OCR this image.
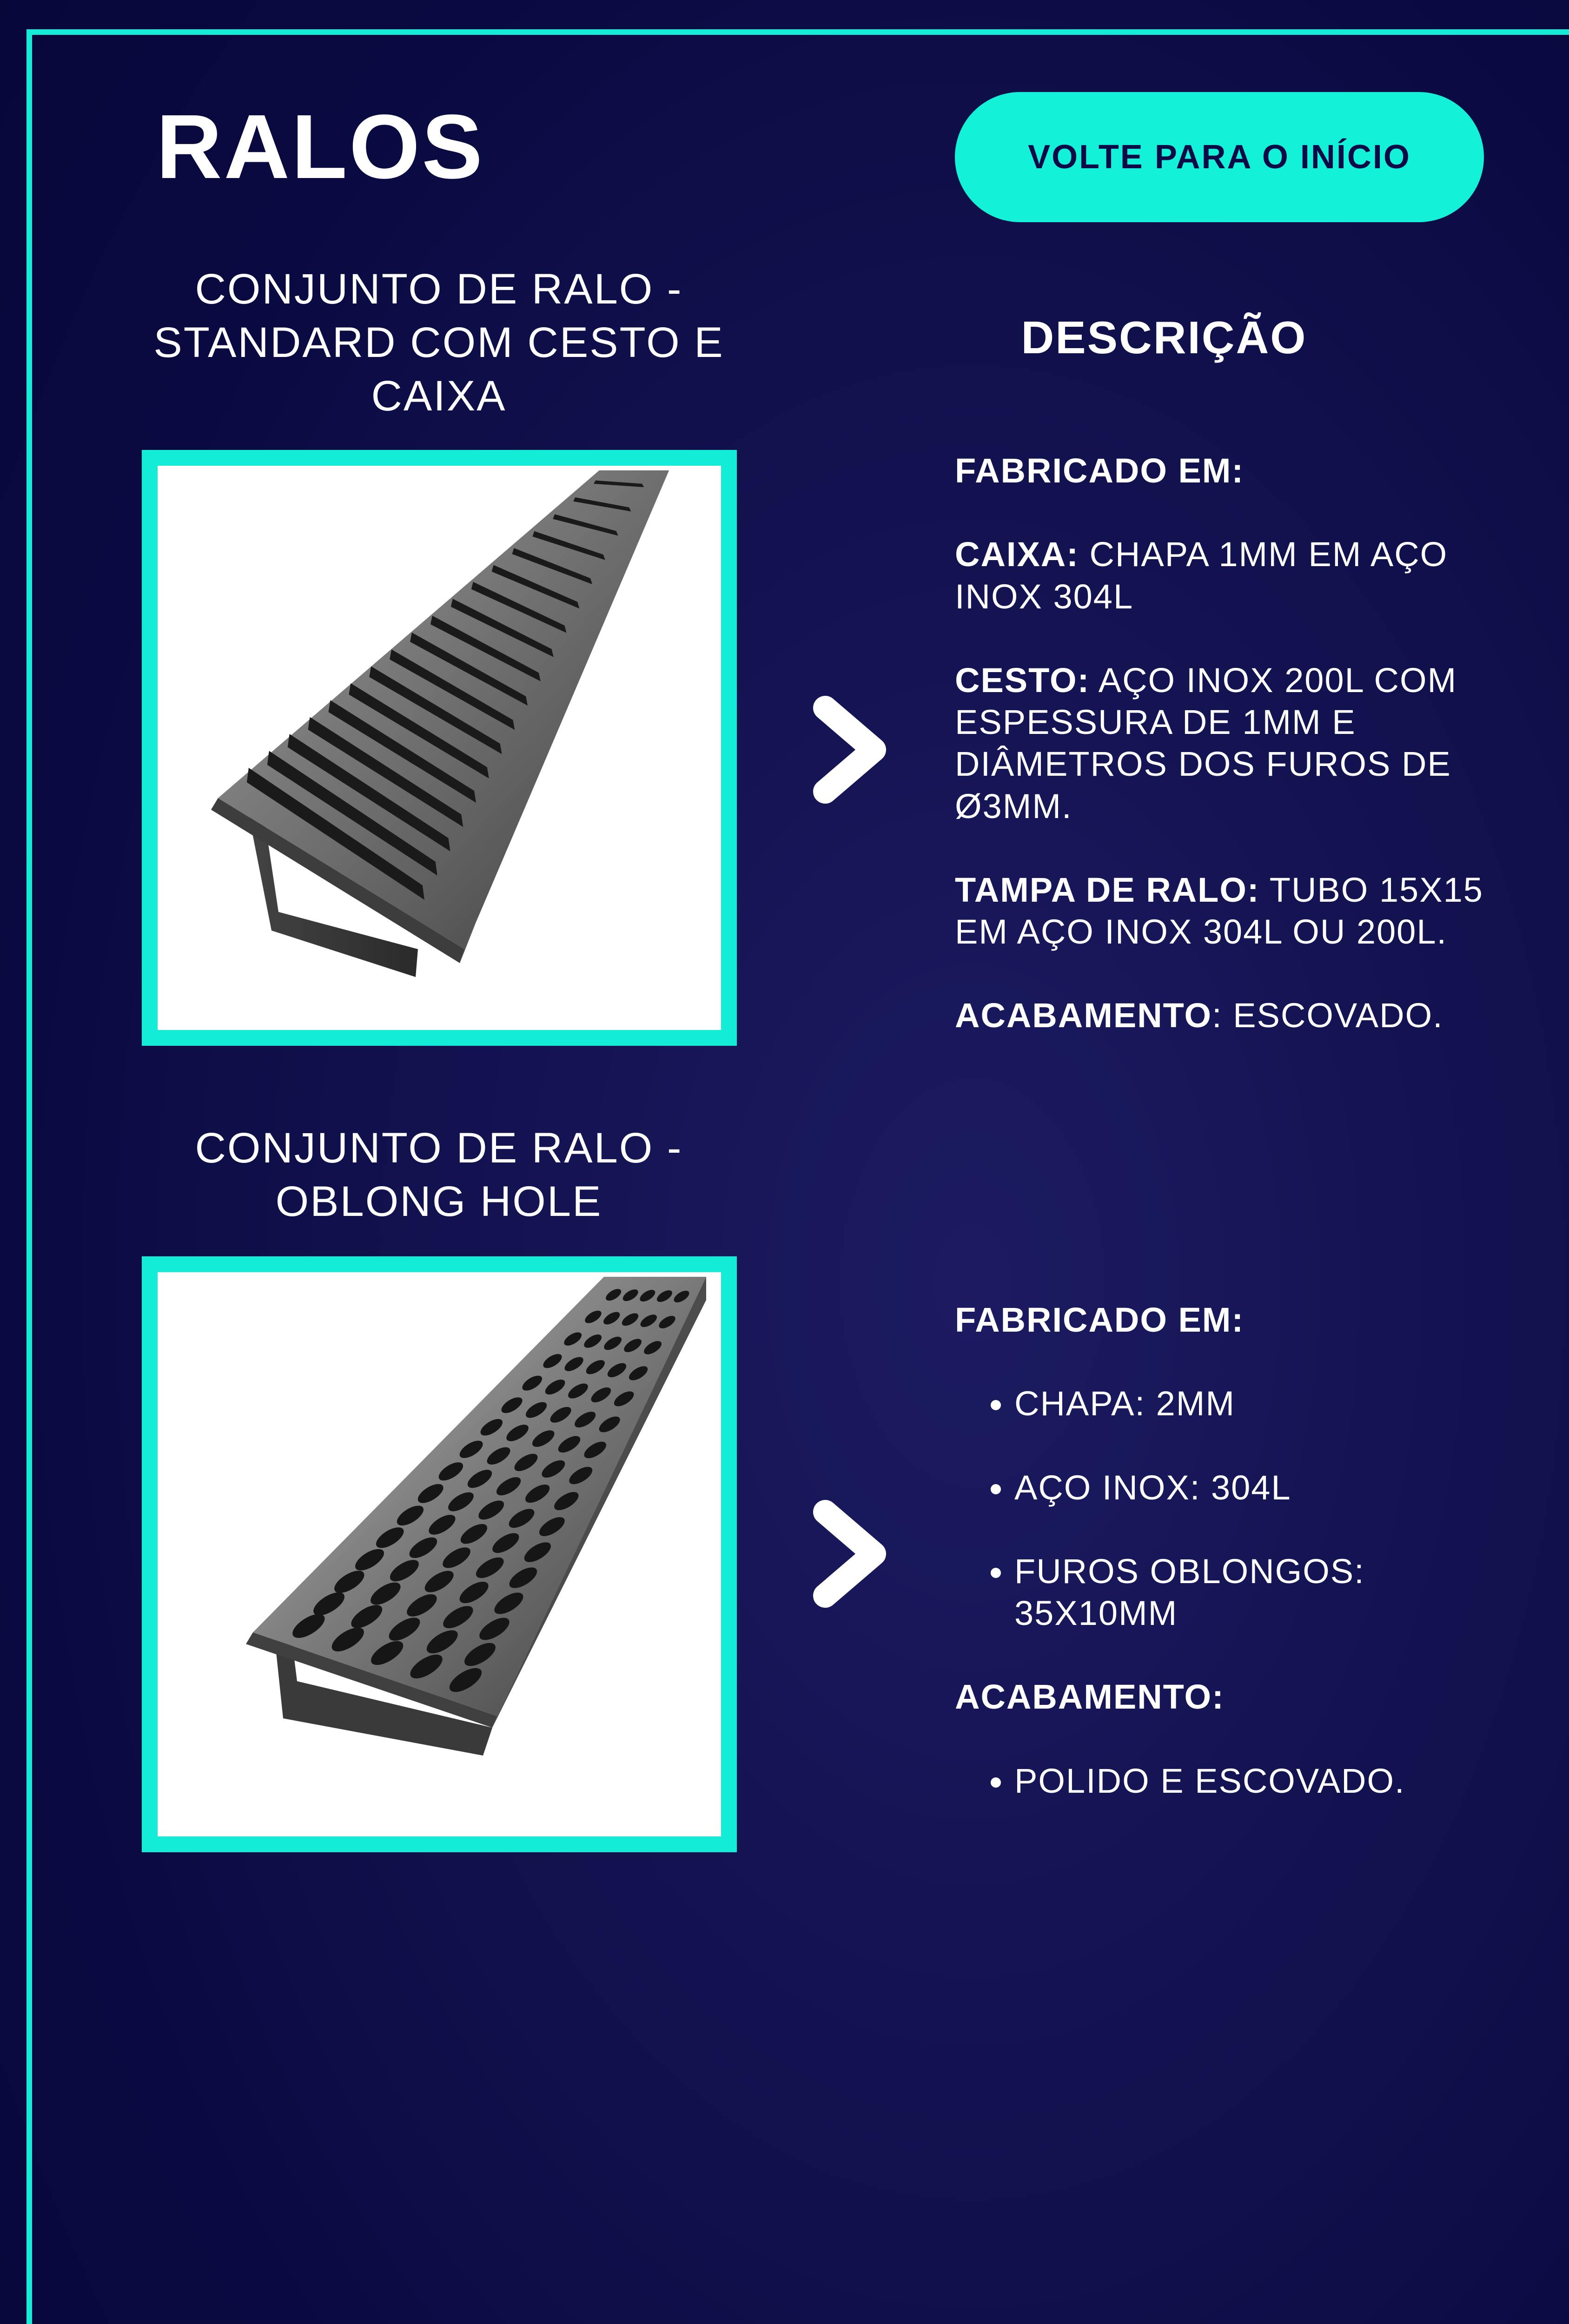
RALOS	VOLTE PARA O INÍCIO
DESCRIÇÃO
CONJUNTO DE RALO - STANDARD COM CESTO E CAIXA

FABRICADO EM:

CAIXA: CHAPA 1MM EM AÇO INOX 304L

CESTO: AÇO INOX 200L COM ESPESSURA DE 1MM E DIÂMETROS DOS FUROS DE Ø3MM.

TAMPA DE RALO: TUBO 15X15 EM AÇO INOX 304L OU 200L.

ACABAMENTO: ESCOVADO.

CONJUNTO DE RALO - OBLONG HOLE

FABRICADO EM:

• CHAPA: 2MM
• AÇO INOX: 304L
• FUROS OBLONGOS: 35X10MM

ACABAMENTO:

• POLIDO E ESCOVADO.
